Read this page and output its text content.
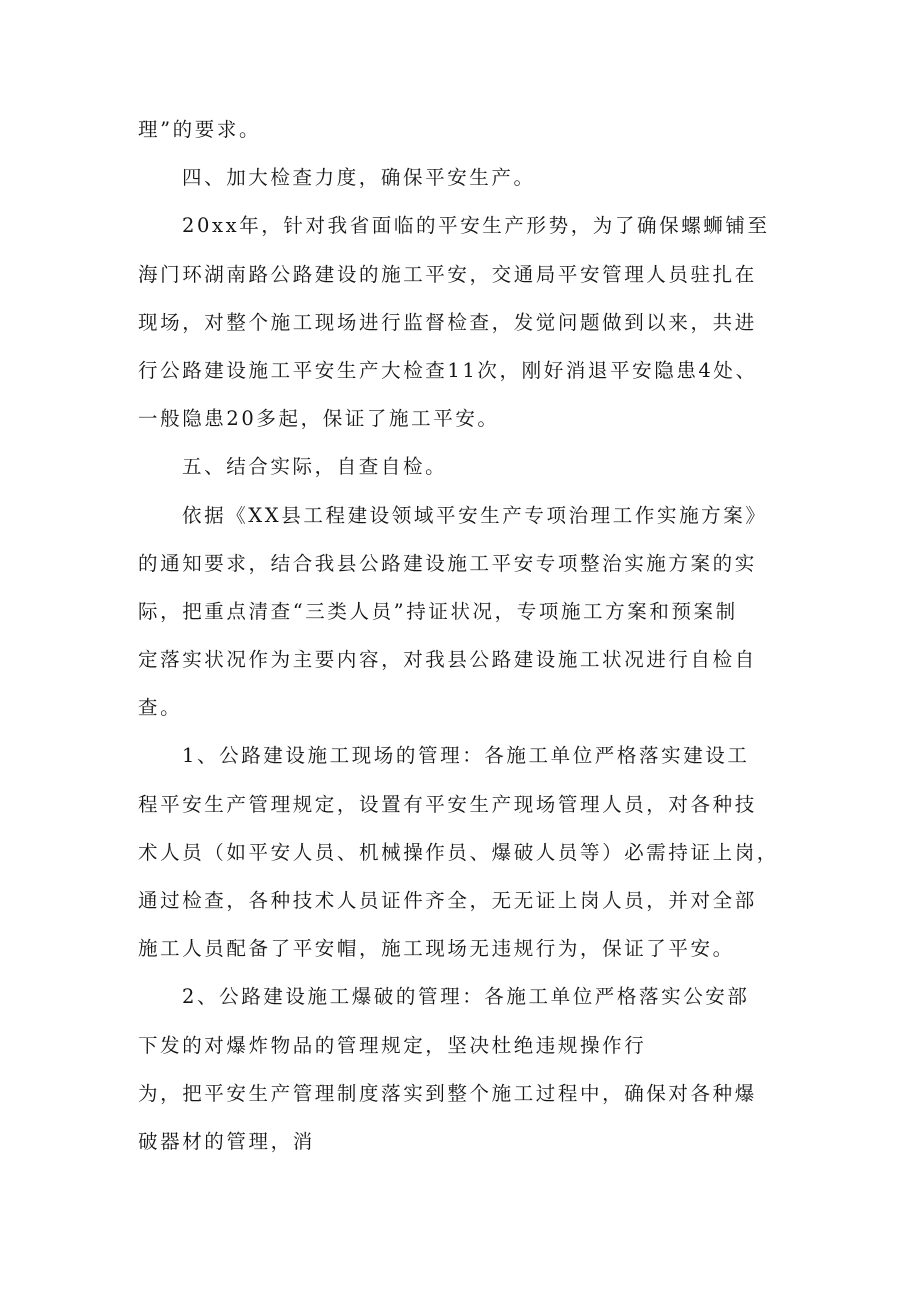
理”的要求。
四、加大检查力度，确保平安生产。
20xx年，针对我省面临的平安生产形势，为了确保螺蛳铺至
海门环湖南路公路建设的施工平安，交通局平安管理人员驻扎在
现场，对整个施工现场进行监督检查，发觉问题做到以来，共进
行公路建设施工平安生产大检查11次，刚好消退平安隐患4处、
一般隐患20多起，保证了施工平安。
五、结合实际，自查自检。
依据《XX县工程建设领域平安生产专项治理工作实施方案》
的通知要求，结合我县公路建设施工平安专项整治实施方案的实
际，把重点清查“三类人员”持证状况，专项施工方案和预案制
定落实状况作为主要内容，对我县公路建设施工状况进行自检自
查。
1、公路建设施工现场的管理：各施工单位严格落实建设工
程平安生产管理规定，设置有平安生产现场管理人员，对各种技
术人员（如平安人员、机械操作员、爆破人员等）必需持证上岗，
通过检查，各种技术人员证件齐全，无无证上岗人员，并对全部
施工人员配备了平安帽，施工现场无违规行为，保证了平安。
2、公路建设施工爆破的管理：各施工单位严格落实公安部
下发的对爆炸物品的管理规定，坚决杜绝违规操作行
为，把平安生产管理制度落实到整个施工过程中，确保对各种爆
破器材的管理，消
